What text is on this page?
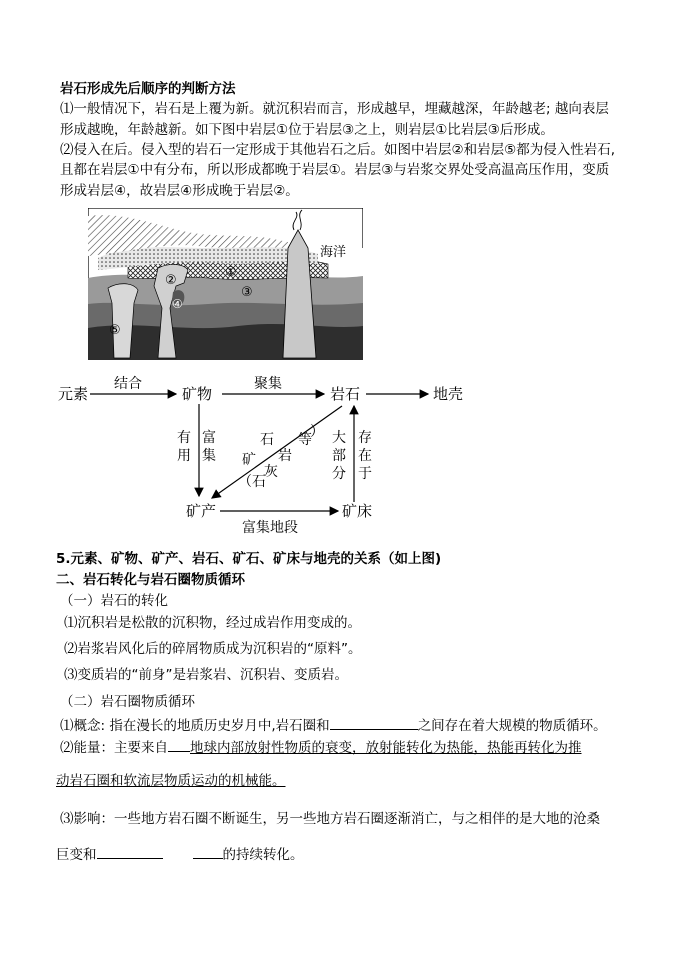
岩石形成先后顺序的判断方法
⑴一般情况下，岩石是上覆为新。就沉积岩而言，形成越早，埋藏越深，年龄越老; 越向表层
形成越晚，年龄越新。如下图中岩层①位于岩层③之上，则岩层①比岩层③后形成。
⑵侵入在后。侵入型的岩石一定形成于其他岩石之后。如图中岩层②和岩层⑤都为侵入性岩石,
且都在岩层①中有分布，所以形成都晚于岩层①。岩层③与岩浆交界处受高温高压作用，变质
形成岩层④，故岩层④形成晚于岩层②。
海洋
①
②
③
④
⑤
元素	矿物	岩石	地壳
矿产	矿床
结合	聚集
有
用
富
集
大
部
分
存
在
于
富集地段
矿
石
岩
灰
等
（石
）
5.元素、矿物、矿产、岩石、矿石、矿床与地壳的关系（如上图)
二、岩石转化与岩石圈物质循环
（一）岩石的转化
⑴沉积岩是松散的沉积物，经过成岩作用变成的。
⑵岩浆岩风化后的碎屑物质成为沉积岩的“原料”。
⑶变质岩的“前身”是岩浆岩、沉积岩、变质岩。
（二）岩石圈物质循环
⑴概念: 指在漫长的地质历史岁月中,岩石圈和	之间存在着大规模的物质循环。
⑵能量：主要来自 地球内部放射性物质的衰变，放射能转化为热能，热能再转化为推
动岩石圈和软流层物质运动的机械能。
⑶影响：一些地方岩石圈不断诞生，另一些地方岩石圈逐渐消亡，与之相伴的是大地的沧桑
巨变和	的持续转化。
